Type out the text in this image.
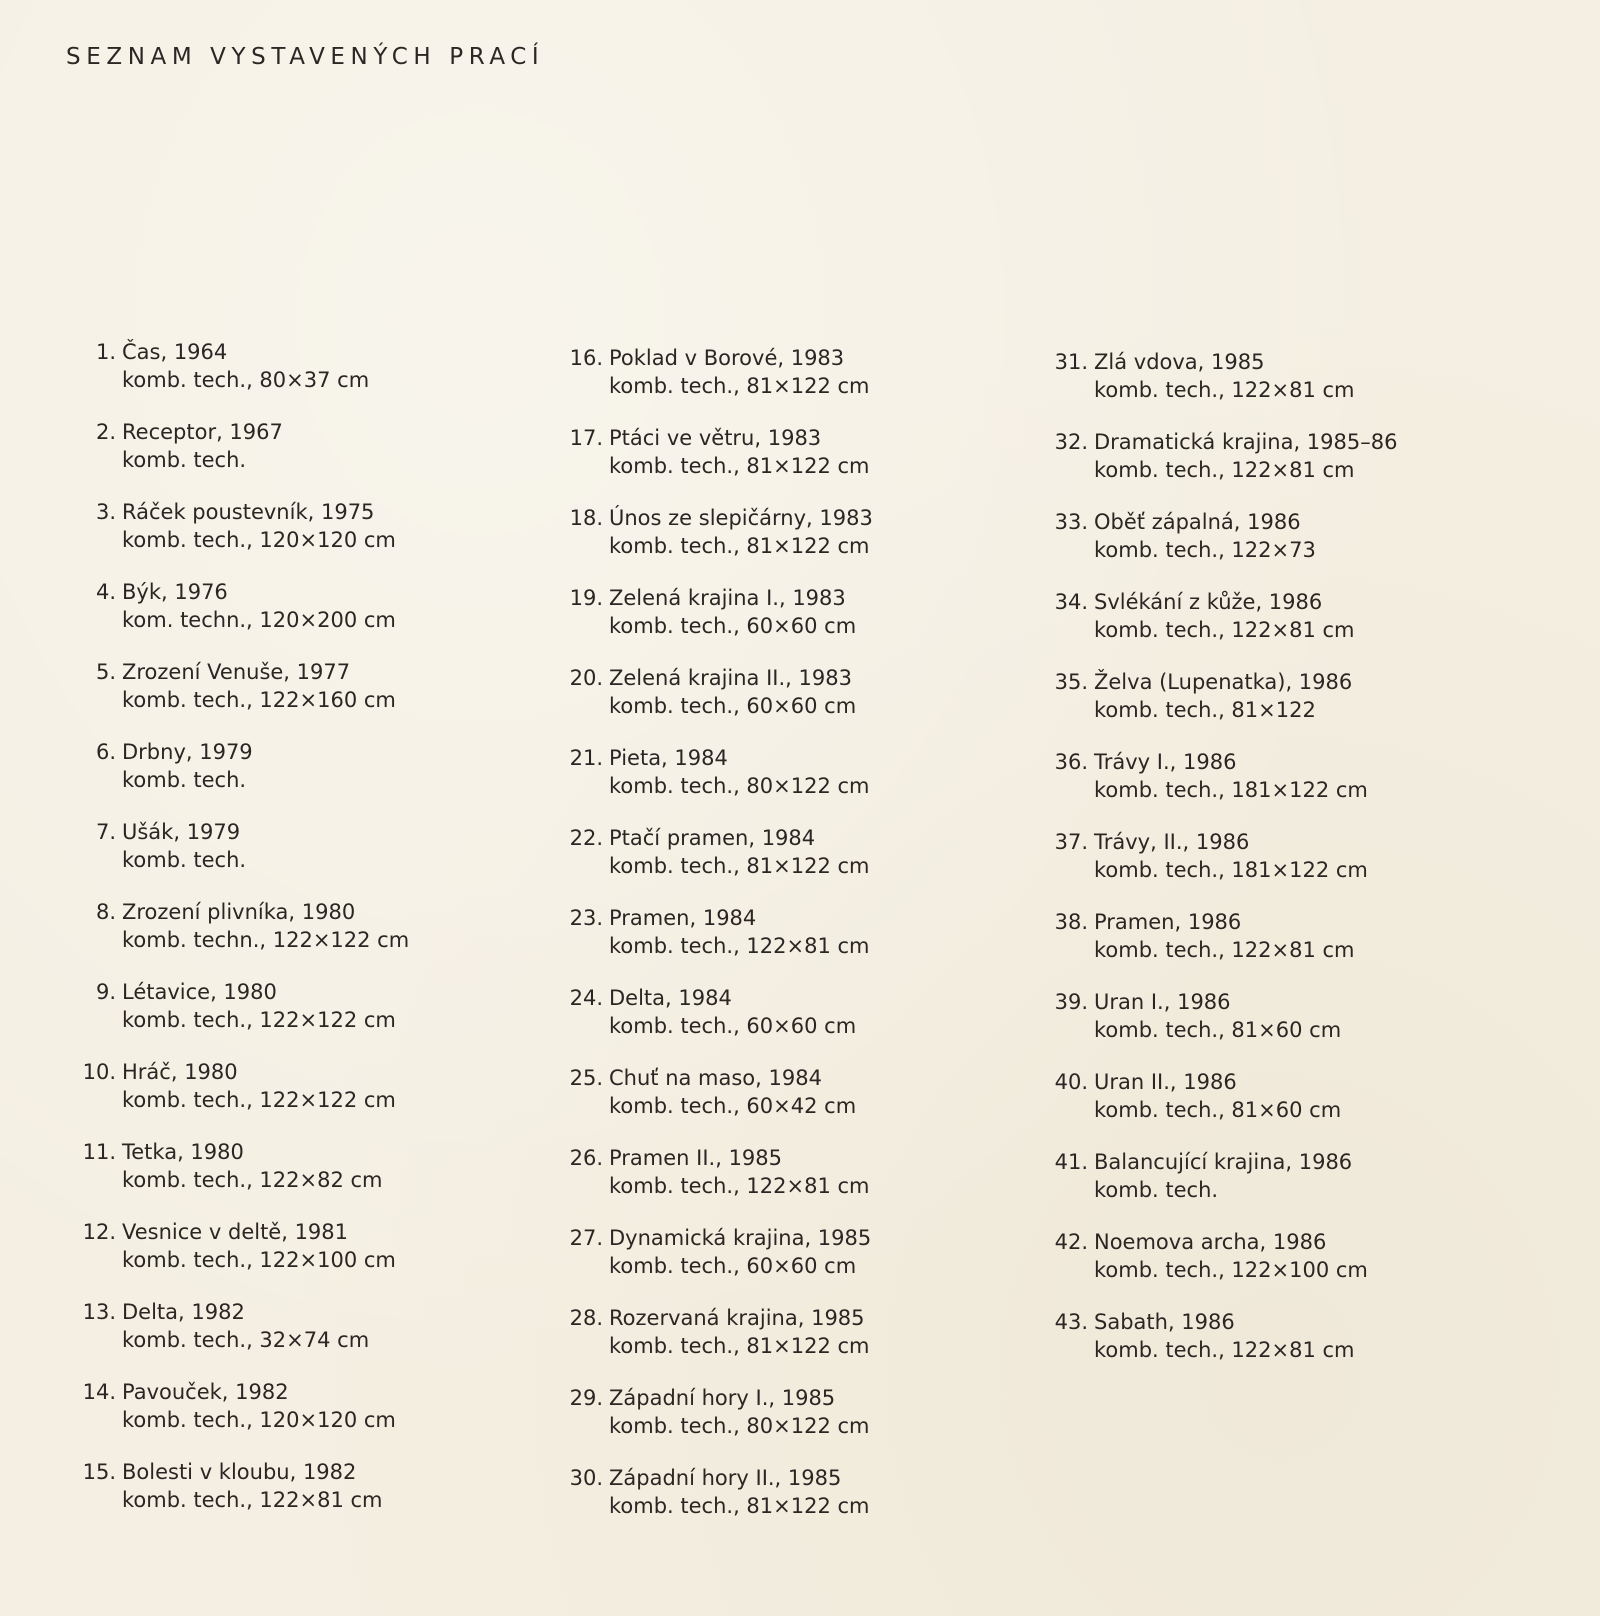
SEZNAM VYSTAVENÝCH PRACÍ
1. Čas, 1964
komb. tech., 80×37 cm
2. Receptor, 1967
komb. tech.
3. Ráček poustevník, 1975
komb. tech., 120×120 cm
4. Býk, 1976
kom. techn., 120×200 cm
5. Zrození Venuše, 1977
komb. tech., 122×160 cm
6. Drbny, 1979
komb. tech.
7. Ušák, 1979
komb. tech.
8. Zrození plivníka, 1980
komb. techn., 122×122 cm
9. Létavice, 1980
komb. tech., 122×122 cm
10. Hráč, 1980
komb. tech., 122×122 cm
11. Tetka, 1980
komb. tech., 122×82 cm
12. Vesnice v deltě, 1981
komb. tech., 122×100 cm
13. Delta, 1982
komb. tech., 32×74 cm
14. Pavouček, 1982
komb. tech., 120×120 cm
15. Bolesti v kloubu, 1982
komb. tech., 122×81 cm
16. Poklad v Borové, 1983
komb. tech., 81×122 cm
17. Ptáci ve větru, 1983
komb. tech., 81×122 cm
18. Únos ze slepičárny, 1983
komb. tech., 81×122 cm
19. Zelená krajina I., 1983
komb. tech., 60×60 cm
20. Zelená krajina II., 1983
komb. tech., 60×60 cm
21. Pieta, 1984
komb. tech., 80×122 cm
22. Ptačí pramen, 1984
komb. tech., 81×122 cm
23. Pramen, 1984
komb. tech., 122×81 cm
24. Delta, 1984
komb. tech., 60×60 cm
25. Chuť na maso, 1984
komb. tech., 60×42 cm
26. Pramen II., 1985
komb. tech., 122×81 cm
27. Dynamická krajina, 1985
komb. tech., 60×60 cm
28. Rozervaná krajina, 1985
komb. tech., 81×122 cm
29. Západní hory I., 1985
komb. tech., 80×122 cm
30. Západní hory II., 1985
komb. tech., 81×122 cm
31. Zlá vdova, 1985
komb. tech., 122×81 cm
32. Dramatická krajina, 1985–86
komb. tech., 122×81 cm
33. Oběť zápalná, 1986
komb. tech., 122×73
34. Svlékání z kůže, 1986
komb. tech., 122×81 cm
35. Želva (Lupenatka), 1986
komb. tech., 81×122
36. Trávy I., 1986
komb. tech., 181×122 cm
37. Trávy, II., 1986
komb. tech., 181×122 cm
38. Pramen, 1986
komb. tech., 122×81 cm
39. Uran I., 1986
komb. tech., 81×60 cm
40. Uran II., 1986
komb. tech., 81×60 cm
41. Balancující krajina, 1986
komb. tech.
42. Noemova archa, 1986
komb. tech., 122×100 cm
43. Sabath, 1986
komb. tech., 122×81 cm
